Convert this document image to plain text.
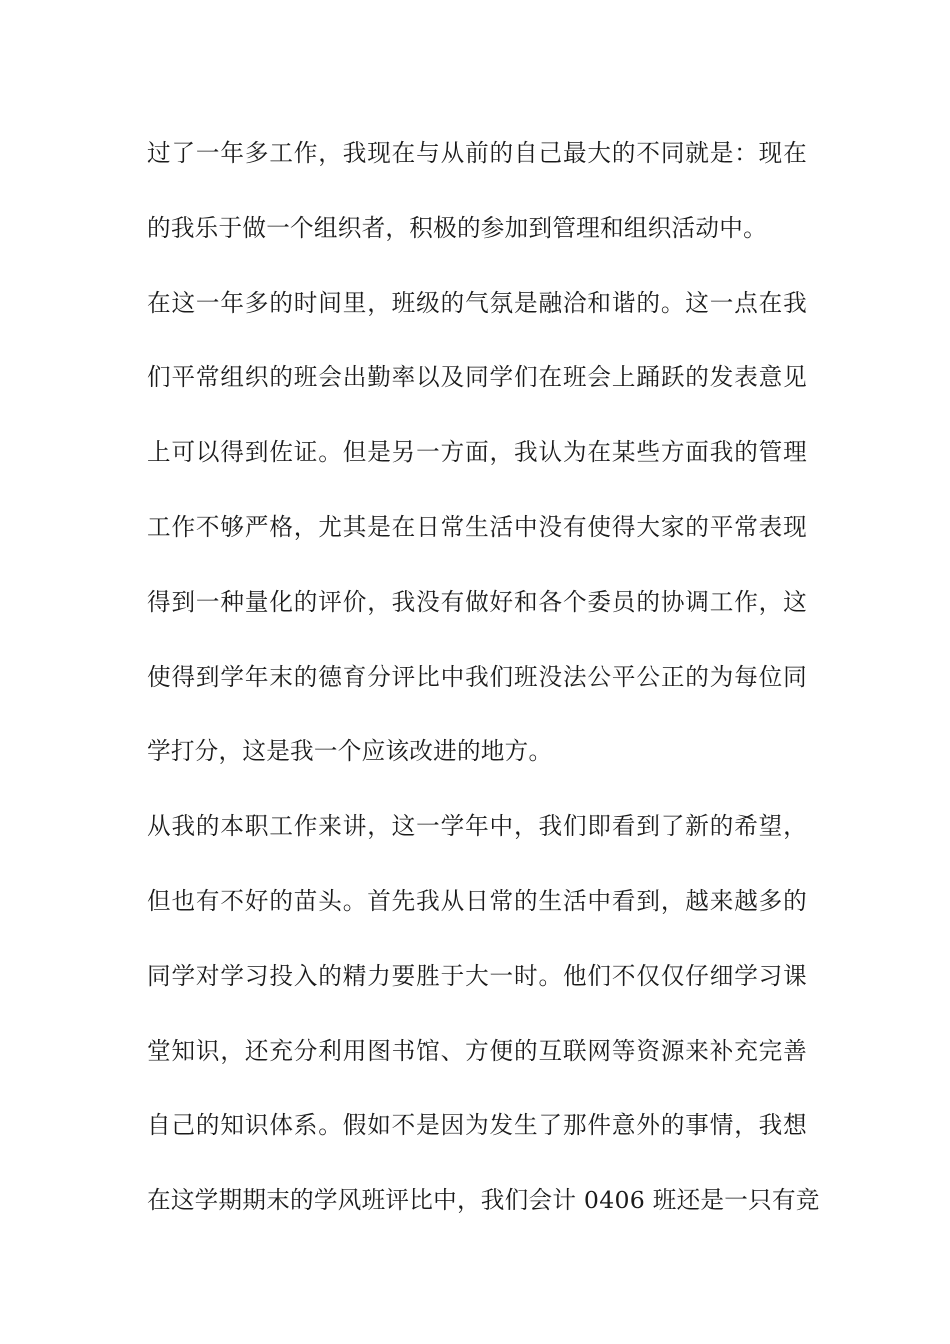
过了一年多工作，我现在与从前的自己最大的不同就是：现在
的我乐于做一个组织者，积极的参加到管理和组织活动中。
在这一年多的时间里，班级的气氛是融洽和谐的。这一点在我
们平常组织的班会出勤率以及同学们在班会上踊跃的发表意见
上可以得到佐证。但是另一方面，我认为在某些方面我的管理
工作不够严格，尤其是在日常生活中没有使得大家的平常表现
得到一种量化的评价，我没有做好和各个委员的协调工作，这
使得到学年末的德育分评比中我们班没法公平公正的为每位同
学打分，这是我一个应该改进的地方。
从我的本职工作来讲，这一学年中，我们即看到了新的希望，
但也有不好的苗头。首先我从日常的生活中看到，越来越多的
同学对学习投入的精力要胜于大一时。他们不仅仅仔细学习课
堂知识，还充分利用图书馆、方便的互联网等资源来补充完善
自己的知识体系。假如不是因为发生了那件意外的事情，我想
在这学期期末的学风班评比中，我们会计 0406 班还是一只有竞
